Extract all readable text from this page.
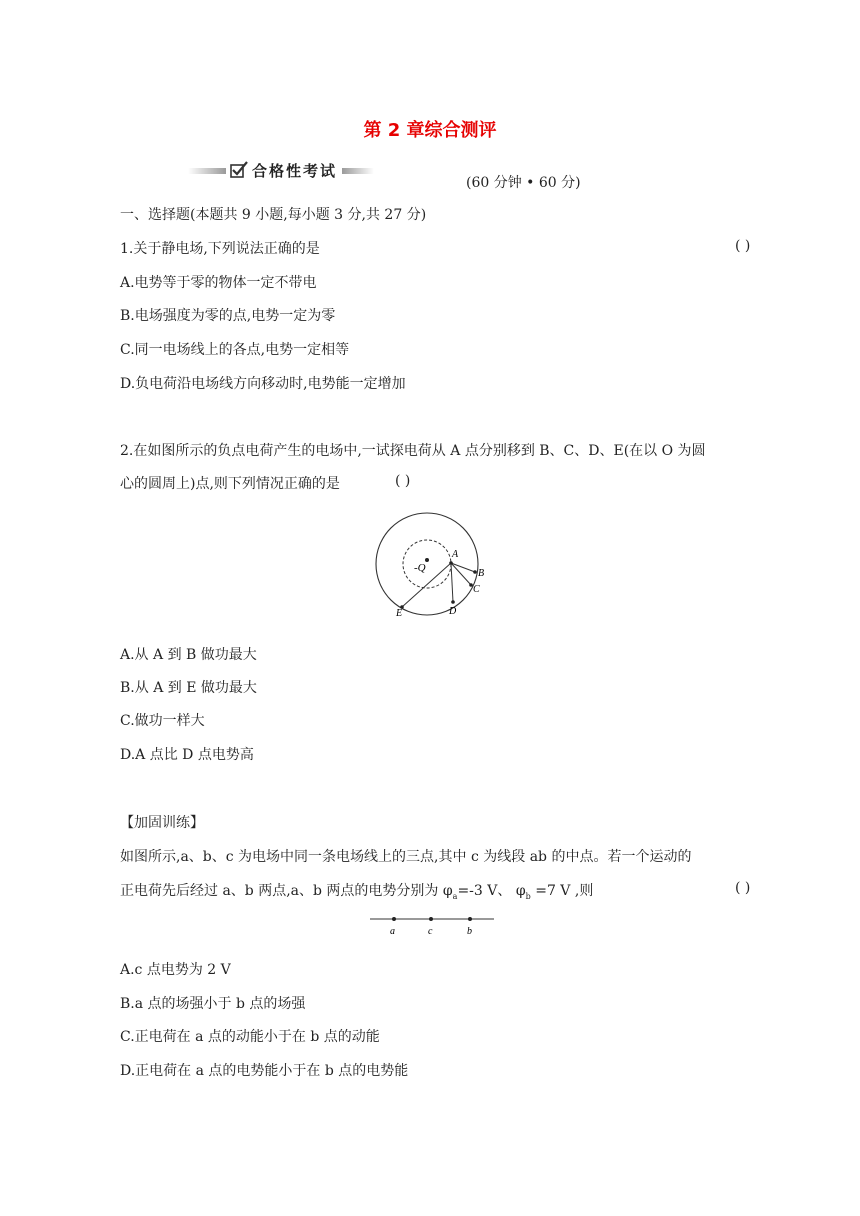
第 2 章综合测评
合格性考试
(60 分钟 • 60 分)
一、选择题(本题共 9 小题,每小题 3 分,共 27 分)
1.关于静电场,下列说法正确的是	( )
A.电势等于零的物体一定不带电
B.电场强度为零的点,电势一定为零
C.同一电场线上的各点,电势一定相等
D.负电荷沿电场线方向移动时,电势能一定增加
2.在如图所示的负点电荷产生的电场中,一试探电荷从 A 点分别移到 B、C、D、E(在以 O 为圆
心的圆周上)点,则下列情况正确的是	( )
-Q
A
B
C
D
E
A.从 A 到 B 做功最大
B.从 A 到 E 做功最大
C.做功一样大
D.A 点比 D 点电势高
【加固训练】
如图所示,a、b、c 为电场中同一条电场线上的三点,其中 c 为线段 ab 的中点。若一个运动的
正电荷先后经过 a、b 两点,a、b 两点的电势分别为 $\varphi_a=-3$ V、 $\varphi_b =7$ V ,则	( )
a	c	b
A.c 点电势为 2 V
B.a 点的场强小于 b 点的场强
C.正电荷在 a 点的动能小于在 b 点的动能
D.正电荷在 a 点的电势能小于在 b 点的电势能
